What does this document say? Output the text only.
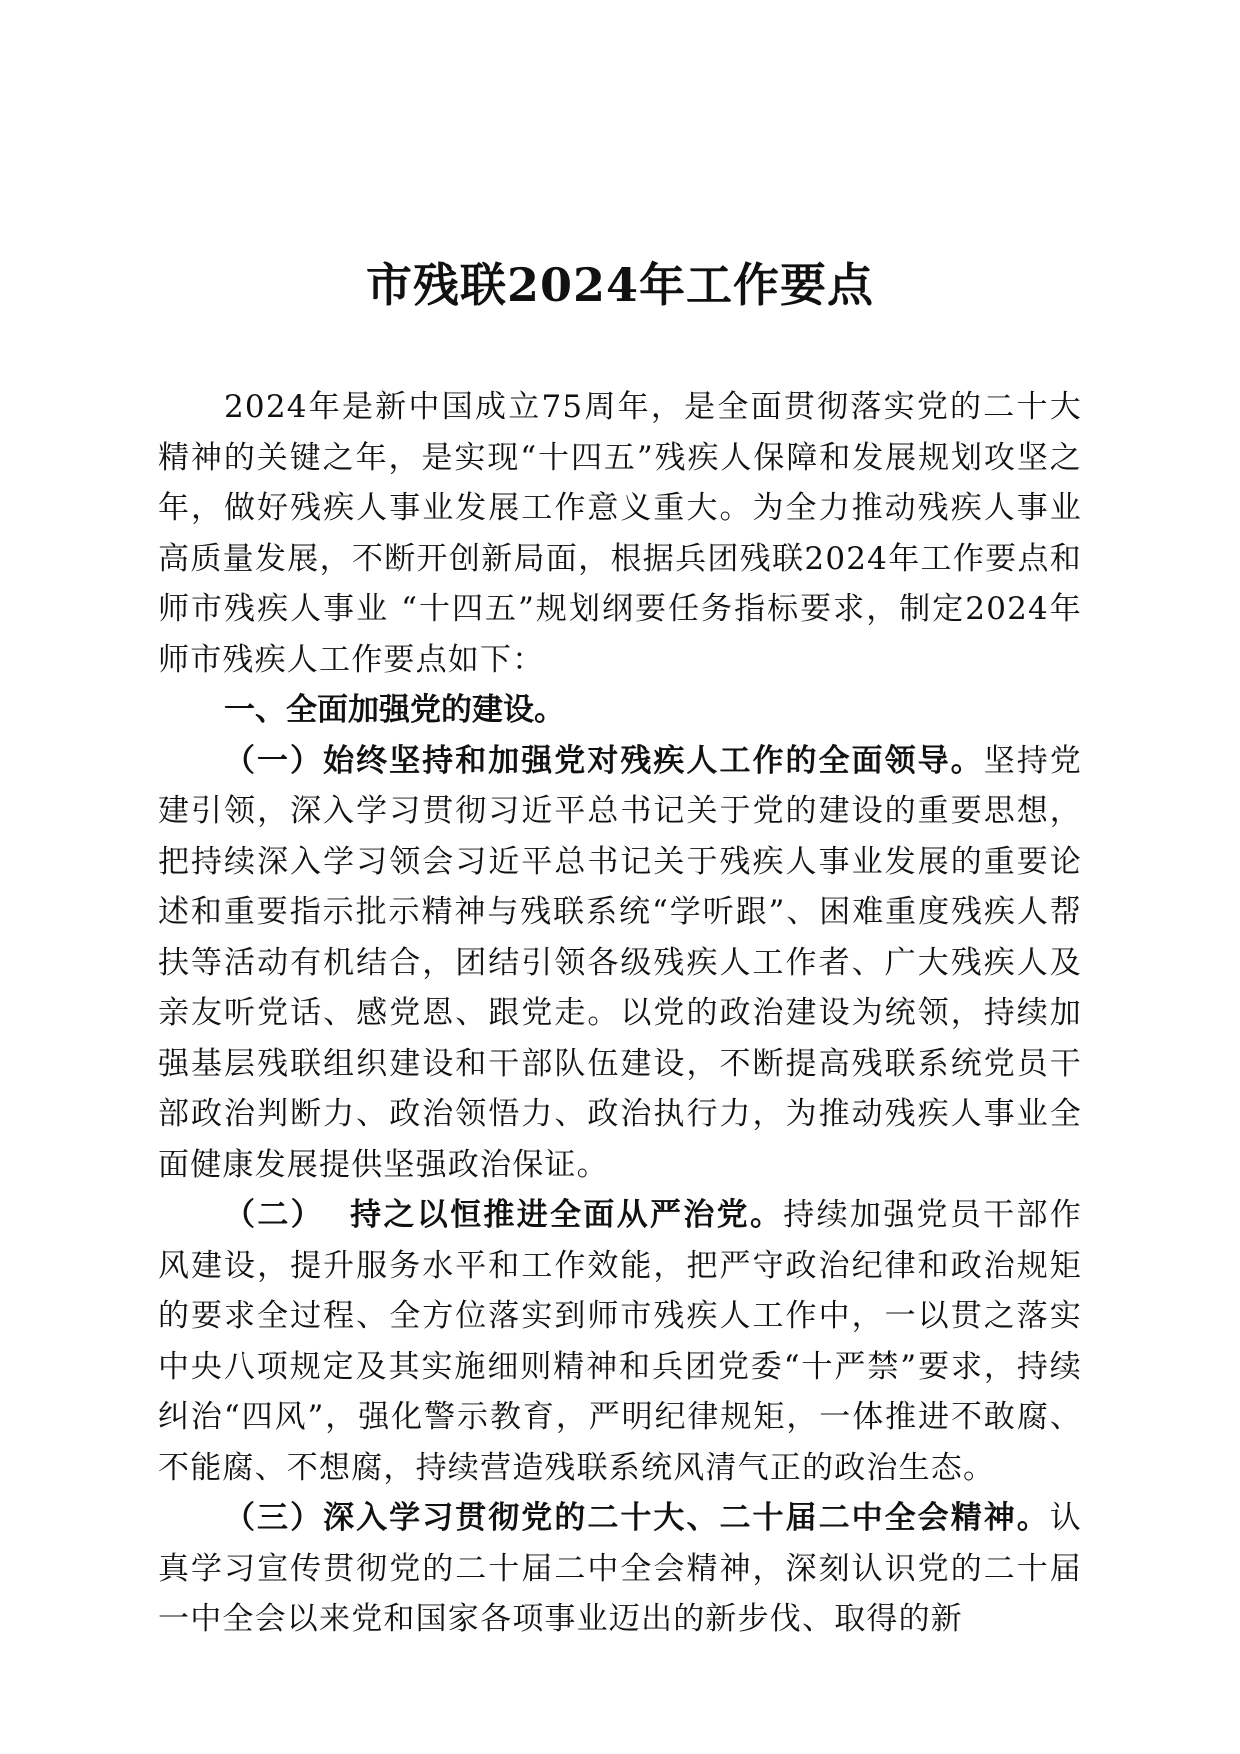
市残联2024年工作要点

2024年是新中国成立75周年，是全面贯彻落实党的二十大精神的关键之年，是实现“十四五”残疾人保障和发展规划攻坚之年，做好残疾人事业发展工作意义重大。为全力推动残疾人事业高质量发展，不断开创新局面，根据兵团残联2024年工作要点和师市残疾人事业 “十四五”规划纲要任务指标要求，制定2024年师市残疾人工作要点如下：

一、全面加强党的建设。

（一）始终坚持和加强党对残疾人工作的全面领导。坚持党建引领，深入学习贯彻习近平总书记关于党的建设的重要思想，把持续深入学习领会习近平总书记关于残疾人事业发展的重要论述和重要指示批示精神与残联系统“学听跟”、困难重度残疾人帮扶等活动有机结合，团结引领各级残疾人工作者、广大残疾人及亲友听党话、感党恩、跟党走。以党的政治建设为统领，持续加强基层残联组织建设和干部队伍建设，不断提高残联系统党员干部政治判断力、政治领悟力、政治执行力，为推动残疾人事业全面健康发展提供坚强政治保证。

（二）  持之以恒推进全面从严治党。持续加强党员干部作风建设，提升服务水平和工作效能，把严守政治纪律和政治规矩的要求全过程、全方位落实到师市残疾人工作中，一以贯之落实中央八项规定及其实施细则精神和兵团党委“十严禁”要求，持续纠治“四风”，强化警示教育，严明纪律规矩，一体推进不敢腐、不能腐、不想腐，持续营造残联系统风清气正的政治生态。

（三）深入学习贯彻党的二十大、二十届二中全会精神。认真学习宣传贯彻党的二十届二中全会精神，深刻认识党的二十届一中全会以来党和国家各项事业迈出的新步伐、取得的新
